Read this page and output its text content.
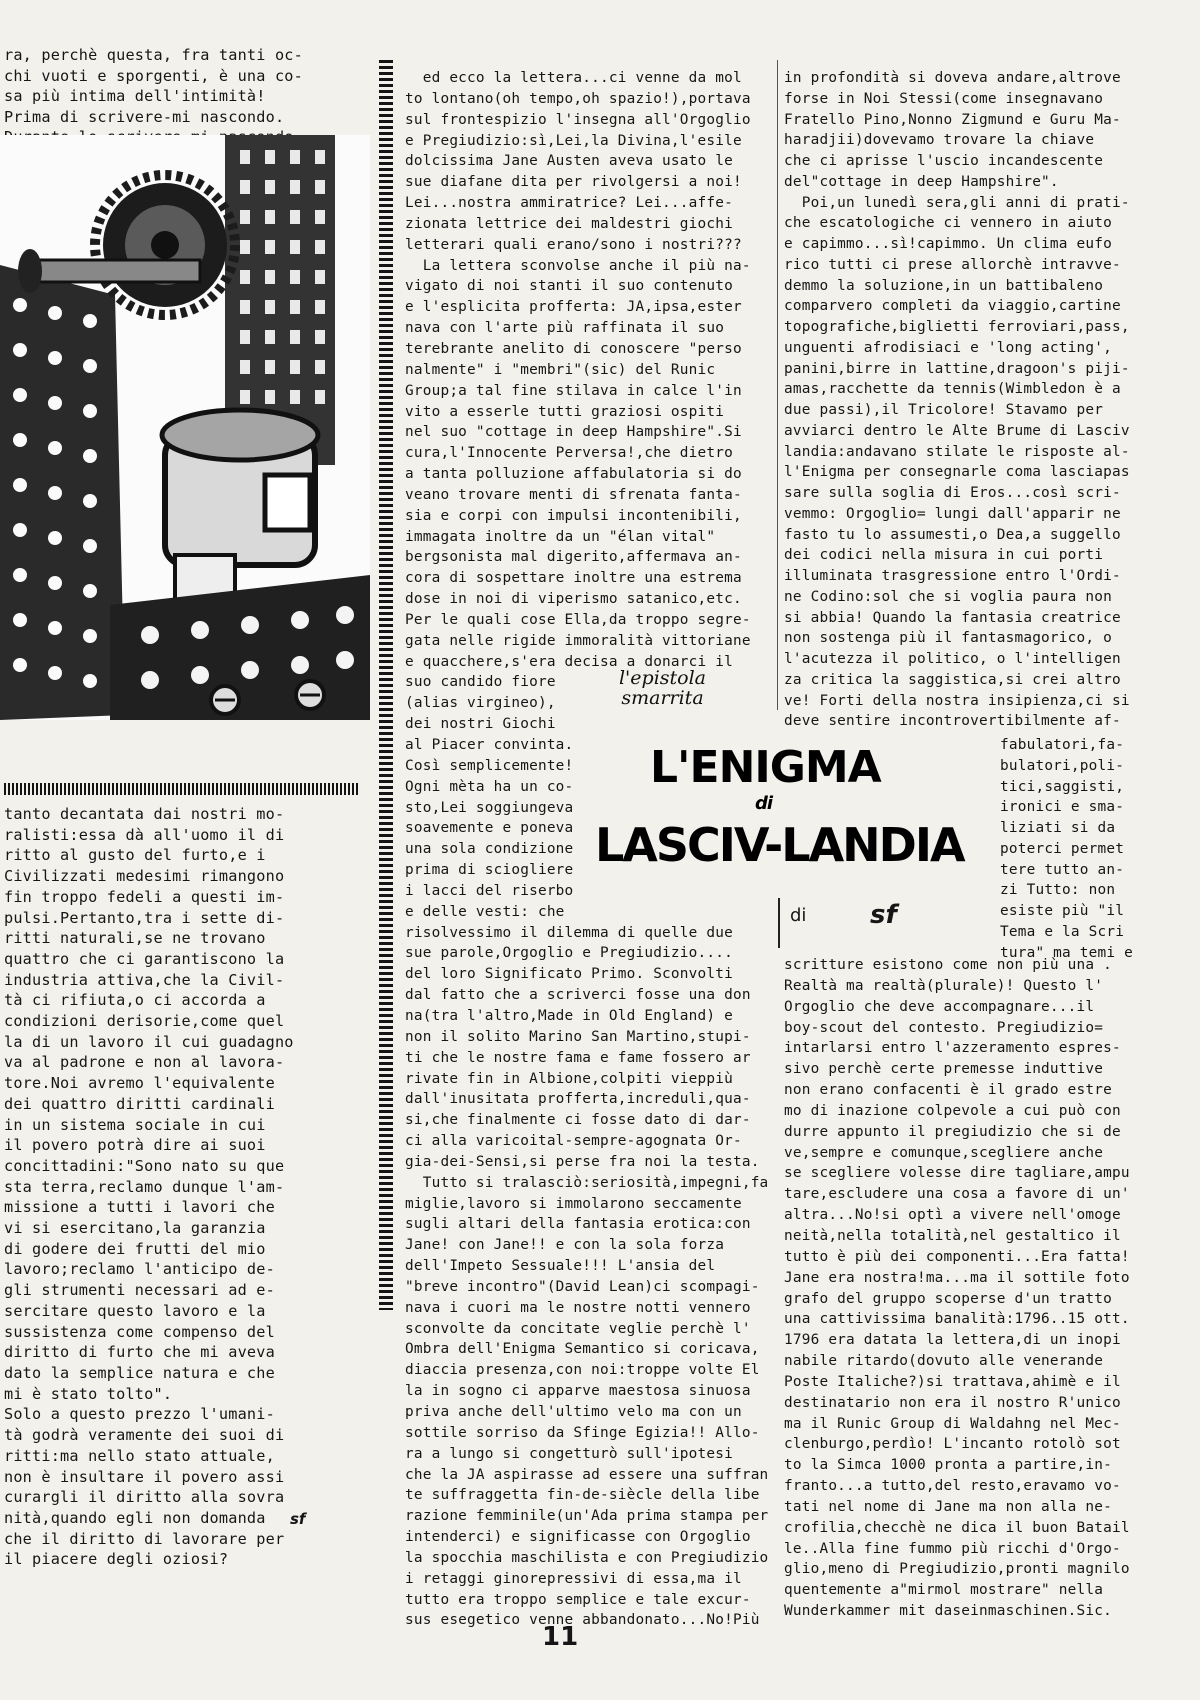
ra, perchè questa, fra tanti oc-
chi vuoti e sporgenti, è una co-
sa più intima dell'intimità!
Prima di scrivere-mi nascondo.
tanto decantata dai nostri mo-
ralisti:essa dà all'uomo il di
ritto al gusto del furto,e i
Civilizzati medesimi rimangono
fin troppo fedeli a questi im-
pulsi.Pertanto,tra i sette di-
ritti naturali,se ne trovano
quattro che ci garantiscono la
industria attiva,che la Civil-
tà ci rifiuta,o ci accorda a
condizioni derisorie,come quel
la di un lavoro il cui guadagno
va al padrone e non al lavora-
tore.Noi avremo l'equivalente
dei quattro diritti cardinali
in un sistema sociale in cui
il povero potrà dire ai suoi
concittadini:"Sono nato su que
sta terra,reclamo dunque l'am-
missione a tutti i lavori che
vi si esercitano,la garanzia
di godere dei frutti del mio
lavoro;reclamo l'anticipo de-
gli strumenti necessari ad e-
sercitare questo lavoro e la
sussistenza come compenso del
diritto di furto che mi aveva
dato la semplice natura e che
mi è stato tolto".
Solo a questo prezzo l'umani-
tà godrà veramente dei suoi di
ritti:ma nello stato attuale,
non è insultare il povero assi
curargli il diritto alla sovra
nità,quando egli non domanda
che il diritto di lavorare per
il piacere degli oziosi?
sf
ed ecco la lettera...ci venne da mol
to lontano(oh tempo,oh spazio!),portava
sul frontespizio l'insegna all'Orgoglio
e Pregiudizio:sì,Lei,la Divina,l'esile
dolcissima Jane Austen aveva usato le
sue diafane dita per rivolgersi a noi!
Lei...nostra ammiratrice? Lei...affe-
zionata lettrice dei maldestri giochi
letterari quali erano/sono i nostri???
La lettera sconvolse anche il più na-
vigato di noi stanti il suo contenuto
e l'esplicita profferta: JA,ipsa,ester
nava con l'arte più raffinata il suo
terebrante anelito di conoscere "perso
nalmente" i "membri"(sic) del Runic
Group;a tal fine stilava in calce l'in
vito a esserle tutti graziosi ospiti
nel suo "cottage in deep Hampshire".Si
cura,l'Innocente Perversa!,che dietro
a tanta polluzione affabulatoria si do
veano trovare menti di sfrenata fanta-
sia e corpi con impulsi incontenibili,
immagata inoltre da un "élan vital"
bergsonista mal digerito,affermava an-
cora di sospettare inoltre una estrema
dose in noi di viperismo satanico,etc.
Per le quali cose Ella,da troppo segre-
gata nelle rigide immoralità vittoriane
e quacchere,s'era decisa a donarci il
suo candido fiore
(alias virgineo),
dei nostri Giochi
al Piacer convinta.
Così semplicemente!
Ogni mèta ha un co-
sto,Lei soggiungeva
soavemente e poneva
una sola condizione
prima di sciogliere
i lacci del riserbo
e delle vesti: che
risolvessimo il dilemma di quelle due
sue parole,Orgoglio e Pregiudizio....
del loro Significato Primo. Sconvolti
dal fatto che a scriverci fosse una don
na(tra l'altro,Made in Old England) e
non il solito Marino San Martino,stupi-
ti che le nostre fama e fame fossero ar
rivate fin in Albione,colpiti vieppiù
dall'inusitata profferta,increduli,qua-
si,che finalmente ci fosse dato di dar-
ci alla varicoital-sempre-agognata Or-
gia-dei-Sensi,si perse fra noi la testa.
Tutto si tralasciò:seriosità,impegni,fa
miglie,lavoro si immolarono seccamente
sugli altari della fantasia erotica:con
Jane! con Jane!! e con la sola forza
dell'Impeto Sessuale!!! L'ansia del
"breve incontro"(David Lean)ci scompagi-
nava i cuori ma le nostre notti vennero
sconvolte da concitate veglie perchè l'
Ombra dell'Enigma Semantico si coricava,
diaccia presenza,con noi:troppe volte El
la in sogno ci apparve maestosa sinuosa
priva anche dell'ultimo velo ma con un
sottile sorriso da Sfinge Egizia!! Allo-
ra a lungo si congetturò sull'ipotesi
che la JA aspirasse ad essere una suffran
te suffraggetta fin-de-siècle della libe
razione femminile(un'Ada prima stampa per
intenderci) e significasse con Orgoglio
la spocchia maschilista e con Pregiudizio
i retaggi ginorepressivi di essa,ma il
tutto era troppo semplice e tale excur-
sus esegetico venne abbandonato...No!Più
l'epistola
smarrita
L'ENIGMA
di
LASCIV-LANDIA
di sf
in profondità si doveva andare,altrove
forse in Noi Stessi(come insegnavano
Fratello Pino,Nonno Zigmund e Guru Ma-
haradjii)dovevamo trovare la chiave
che ci aprisse l'uscio incandescente
del"cottage in deep Hampshire".
Poi,un lunedì sera,gli anni di prati-
che escatologiche ci vennero in aiuto
e capimmo...sì!capimmo. Un clima eufo
rico tutti ci prese allorchè intravve-
demmo la soluzione,in un battibaleno
comparvero completi da viaggio,cartine
topografiche,biglietti ferroviari,pass,
unguenti afrodisiaci e 'long acting',
panini,birre in lattine,dragoon's piji-
amas,racchette da tennis(Wimbledon è a
due passi),il Tricolore! Stavamo per
avviarci dentro le Alte Brume di Lasciv
landia:andavano stilate le risposte al-
l'Enigma per consegnarle coma lasciapas
sare sulla soglia di Eros...così scri-
vemmo: Orgoglio= lungi dall'apparir ne
fasto tu lo assumesti,o Dea,a suggello
dei codici nella misura in cui porti
illuminata trasgressione entro l'Ordi-
ne Codino:sol che si voglia paura non
si abbia! Quando la fantasia creatrice
non sostenga più il fantasmagorico, o
l'acutezza il politico, o l'intelligen
za critica la saggistica,si crei altro
ve! Forti della nostra insipienza,ci si
deve sentire incontrovertibilmente af-
fabulatori,fa-
bulatori,poli-
tici,saggisti,
ironici e sma-
liziati si da
poterci permet
tere tutto an-
zi Tutto: non
esiste più "il
Tema e la Scri
tura" ma temi e
scritture esistono come non più una .
Realtà ma realtà(plurale)! Questo l'
Orgoglio che deve accompagnare...il
boy-scout del contesto. Pregiudizio=
intarlarsi entro l'azzeramento espres-
sivo perchè certe premesse induttive
non erano confacenti è il grado estre
mo di inazione colpevole a cui può con
durre appunto il pregiudizio che si de
ve,sempre e comunque,scegliere anche
se scegliere volesse dire tagliare,ampu
tare,escludere una cosa a favore di un'
altra...No!si optì a vivere nell'omoge
neità,nella totalità,nel gestaltico il
tutto è più dei componenti...Era fatta!
Jane era nostra!ma...ma il sottile foto
grafo del gruppo scoperse d'un tratto
una cattivissima banalità:1796..15 ott.
1796 era datata la lettera,di un inopi
nabile ritardo(dovuto alle venerande
Poste Italiche?)si trattava,ahimè e il
destinatario non era il nostro R'unico
ma il Runic Group di Waldahng nel Mec-
clenburgo,perdìo! L'incanto rotolò sot
to la Simca 1000 pronta a partire,in-
franto...a tutto,del resto,eravamo vo-
tati nel nome di Jane ma non alla ne-
crofilia,checchè ne dica il buon Batail
le..Alla fine fummo più ricchi d'Orgo-
glio,meno di Pregiudizio,pronti magnilo
quentemente a"mirmol mostrare" nella
Wunderkammer mit daseinmaschinen.Sic.
11
